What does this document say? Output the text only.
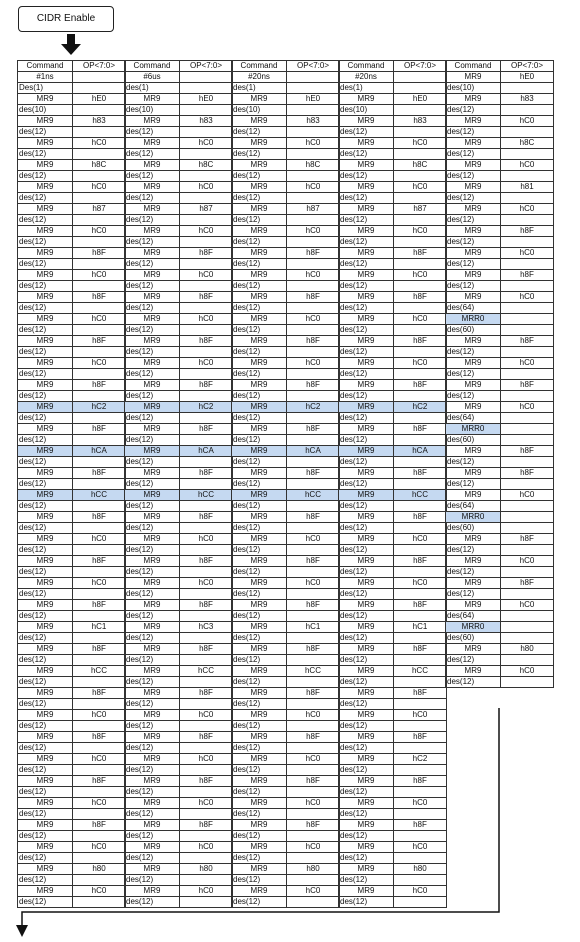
CIDR Enable
Command	OP<7:0>
#1ns	
Des(1)	
MR9	hE0
des(10)	
MR9	h83
des(12)	
MR9	hC0
des(12)	
MR9	h8C
des(12)	
MR9	hC0
des(12)	
MR9	h87
des(12)	
MR9	hC0
des(12)	
MR9	h8F
des(12)	
MR9	hC0
des(12)	
MR9	h8F
des(12)	
MR9	hC0
des(12)	
MR9	h8F
des(12)	
MR9	hC0
des(12)	
MR9	h8F
des(12)	
MR9	hC2
des(12)	
MR9	h8F
des(12)	
MR9	hCA
des(12)	
MR9	h8F
des(12)	
MR9	hCC
des(12)	
MR9	h8F
des(12)	
MR9	hC0
des(12)	
MR9	h8F
des(12)	
MR9	hC0
des(12)	
MR9	h8F
des(12)	
MR9	hC1
des(12)	
MR9	h8F
des(12)	
MR9	hCC
des(12)	
MR9	h8F
des(12)	
MR9	hC0
des(12)	
MR9	h8F
des(12)	
MR9	hC0
des(12)	
MR9	h8F
des(12)	
MR9	hC0
des(12)	
MR9	h8F
des(12)	
MR9	hC0
des(12)	
MR9	h80
des(12)	
MR9	hC0
des(12)	
Command	OP<7:0>
#6us	
des(1)	
MR9	hE0
des(10)	
MR9	h83
des(12)	
MR9	hC0
des(12)	
MR9	h8C
des(12)	
MR9	hC0
des(12)	
MR9	h87
des(12)	
MR9	hC0
des(12)	
MR9	h8F
des(12)	
MR9	hC0
des(12)	
MR9	h8F
des(12)	
MR9	hC0
des(12)	
MR9	h8F
des(12)	
MR9	hC0
des(12)	
MR9	h8F
des(12)	
MR9	hC2
des(12)	
MR9	h8F
des(12)	
MR9	hCA
des(12)	
MR9	h8F
des(12)	
MR9	hCC
des(12)	
MR9	h8F
des(12)	
MR9	hC0
des(12)	
MR9	h8F
des(12)	
MR9	hC0
des(12)	
MR9	h8F
des(12)	
MR9	hC3
des(12)	
MR9	h8F
des(12)	
MR9	hCC
des(12)	
MR9	h8F
des(12)	
MR9	hC0
des(12)	
MR9	h8F
des(12)	
MR9	hC0
des(12)	
MR9	h8F
des(12)	
MR9	hC0
des(12)	
MR9	h8F
des(12)	
MR9	hC0
des(12)	
MR9	h80
des(12)	
MR9	hC0
des(12)	
Command	OP<7:0>
#20ns	
des(1)	
MR9	hE0
des(10)	
MR9	h83
des(12)	
MR9	hC0
des(12)	
MR9	h8C
des(12)	
MR9	hC0
des(12)	
MR9	h87
des(12)	
MR9	hC0
des(12)	
MR9	h8F
des(12)	
MR9	hC0
des(12)	
MR9	h8F
des(12)	
MR9	hC0
des(12)	
MR9	h8F
des(12)	
MR9	hC0
des(12)	
MR9	h8F
des(12)	
MR9	hC2
des(12)	
MR9	h8F
des(12)	
MR9	hCA
des(12)	
MR9	h8F
des(12)	
MR9	hCC
des(12)	
MR9	h8F
des(12)	
MR9	hC0
des(12)	
MR9	h8F
des(12)	
MR9	hC0
des(12)	
MR9	h8F
des(12)	
MR9	hC1
des(12)	
MR9	h8F
des(12)	
MR9	hCC
des(12)	
MR9	h8F
des(12)	
MR9	hC0
des(12)	
MR9	h8F
des(12)	
MR9	hC0
des(12)	
MR9	h8F
des(12)	
MR9	hC0
des(12)	
MR9	h8F
des(12)	
MR9	hC0
des(12)	
MR9	h80
des(12)	
MR9	hC0
des(12)	
Command	OP<7:0>
#20ns	
des(1)	
MR9	hE0
des(10)	
MR9	h83
des(12)	
MR9	hC0
des(12)	
MR9	h8C
des(12)	
MR9	hC0
des(12)	
MR9	h87
des(12)	
MR9	hC0
des(12)	
MR9	h8F
des(12)	
MR9	hC0
des(12)	
MR9	h8F
des(12)	
MR9	hC0
des(12)	
MR9	h8F
des(12)	
MR9	hC0
des(12)	
MR9	h8F
des(12)	
MR9	hC2
des(12)	
MR9	h8F
des(12)	
MR9	hCA
des(12)	
MR9	h8F
des(12)	
MR9	hCC
des(12)	
MR9	h8F
des(12)	
MR9	hC0
des(12)	
MR9	h8F
des(12)	
MR9	hC0
des(12)	
MR9	h8F
des(12)	
MR9	hC1
des(12)	
MR9	h8F
des(12)	
MR9	hCC
des(12)	
MR9	h8F
des(12)	
MR9	hC0
des(12)	
MR9	h8F
des(12)	
MR9	hC2
des(12)	
MR9	h8F
des(12)	
MR9	hC0
des(12)	
MR9	h8F
des(12)	
MR9	hC0
des(12)	
MR9	h80
des(12)	
MR9	hC0
des(12)	
Command	OP<7:0>
MR9	hE0
des(10)	
MR9	h83
des(12)	
MR9	hC0
des(12)	
MR9	h8C
des(12)	
MR9	hC0
des(12)	
MR9	h81
des(12)	
MR9	hC0
des(12)	
MR9	h8F
des(12)	
MR9	hC0
des(12)	
MR9	h8F
des(12)	
MR9	hC0
des(64)	
MRR0	
des(60)	
MR9	h8F
des(12)	
MR9	hC0
des(12)	
MR9	h8F
des(12)	
MR9	hC0
des(64)	
MRR0	
des(60)	
MR9	h8F
des(12)	
MR9	h8F
des(12)	
MR9	hC0
des(64)	
MRR0	
des(60)	
MR9	h8F
des(12)	
MR9	hC0
des(12)	
MR9	h8F
des(12)	
MR9	hC0
des(64)	
MRR0	
des(60)	
MR9	h80
des(12)	
MR9	hC0
des(12)	
